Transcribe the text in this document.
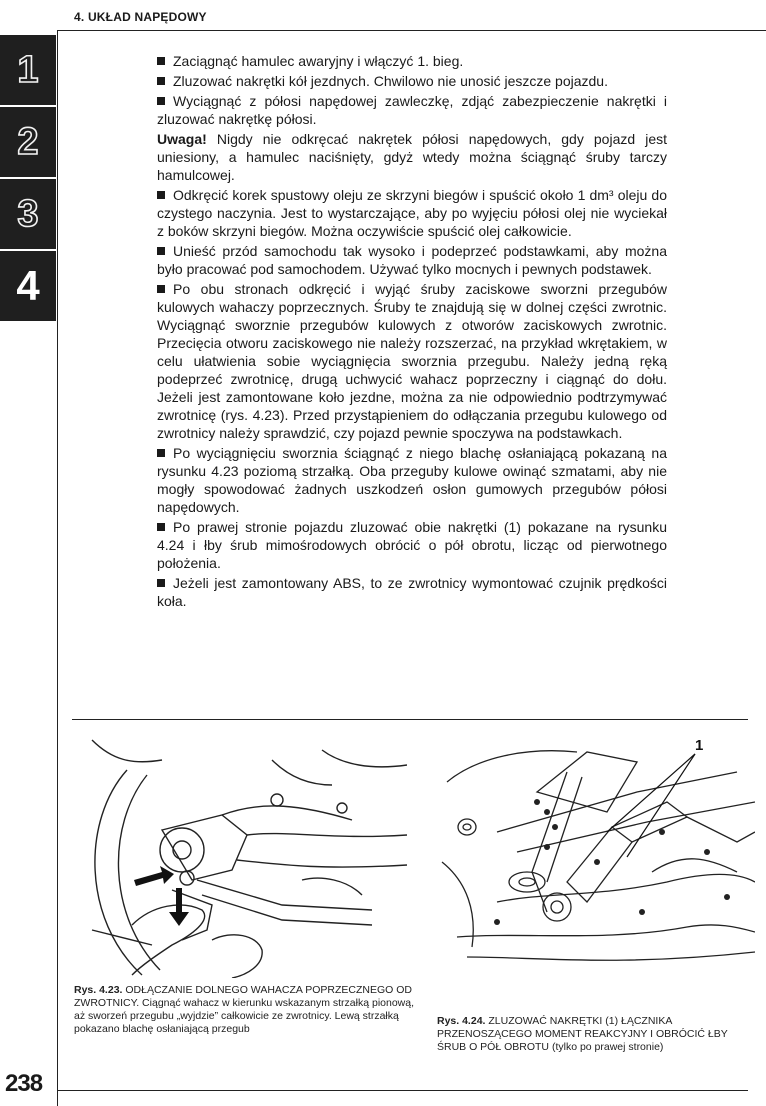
4. UKŁAD NAPĘDOWY
1
2
3
4

Zaciągnąć hamulec awaryjny i włączyć 1. bieg.

Zluzować nakrętki kół jezdnych. Chwilowo nie unosić jeszcze pojazdu.

Wyciągnąć z półosi napędowej zawleczkę, zdjąć zabezpieczenie nakrętki i zluzować nakrętkę półosi.

Uwaga! Nigdy nie odkręcać nakrętek półosi napędowych, gdy pojazd jest uniesiony, a hamulec naciśnięty, gdyż wtedy można ściągnąć śruby tarczy hamulcowej.

Odkręcić korek spustowy oleju ze skrzyni biegów i spuścić około 1 dm³ oleju do czystego naczynia. Jest to wystarczające, aby po wyjęciu półosi olej nie wyciekał z boków skrzyni biegów. Można oczywiście spuścić olej całkowicie.

Unieść przód samochodu tak wysoko i podeprzeć podstawkami, aby można było pracować pod samochodem. Używać tylko mocnych i pewnych podstawek.

Po obu stronach odkręcić i wyjąć śruby zaciskowe sworzni przegubów kulowych wahaczy poprzecznych. Śruby te znajdują się w dolnej części zwrotnic. Wyciągnąć sworznie przegubów kulowych z otworów zaciskowych zwrotnic. Przecięcia otworu zaciskowego nie należy rozszerzać, na przykład wkrętakiem, w celu ułatwienia sobie wyciągnięcia sworznia przegubu. Należy jedną ręką podeprzeć zwrotnicę, drugą uchwycić wahacz poprzeczny i ciągnąć do dołu. Jeżeli jest zamontowane koło jezdne, można za nie odpowiednio podtrzymywać zwrotnicę (rys. 4.23). Przed przystąpieniem do odłączania przegubu kulowego od zwrotnicy należy sprawdzić, czy pojazd pewnie spoczywa na podstawkach.

Po wyciągnięciu sworznia ściągnąć z niego blachę osłaniającą pokazaną na rysunku 4.23 poziomą strzałką. Oba przeguby kulowe owinąć szmatami, aby nie mogły spowodować żadnych uszkodzeń osłon gumowych przegubów półosi napędowych.

Po prawej stronie pojazdu zluzować obie nakrętki (1) pokazane na rysunku 4.24 i łby śrub mimośrodowych obrócić o pół obrotu, licząc od pierwotnego położenia.

Jeżeli jest zamontowany ABS, to ze zwrotnicy wymontować czujnik prędkości koła.

Rys. 4.23. ODŁĄCZANIE DOLNEGO WAHACZA POPRZECZNEGO OD ZWROTNICY. Ciągnąć wahacz w kierunku wskazanym strzałką pionową, aż sworzeń przegubu „wyjdzie” całkowicie ze zwrotnicy. Lewą strzałką pokazano blachę osłaniającą przegub
1
Rys. 4.24. ZLUZOWAĆ NAKRĘTKI (1) ŁĄCZNIKA PRZENOSZĄCEGO MOMENT REAKCYJNY I OBRÓCIĆ ŁBY ŚRUB O PÓŁ OBROTU (tylko po prawej stronie)
238
